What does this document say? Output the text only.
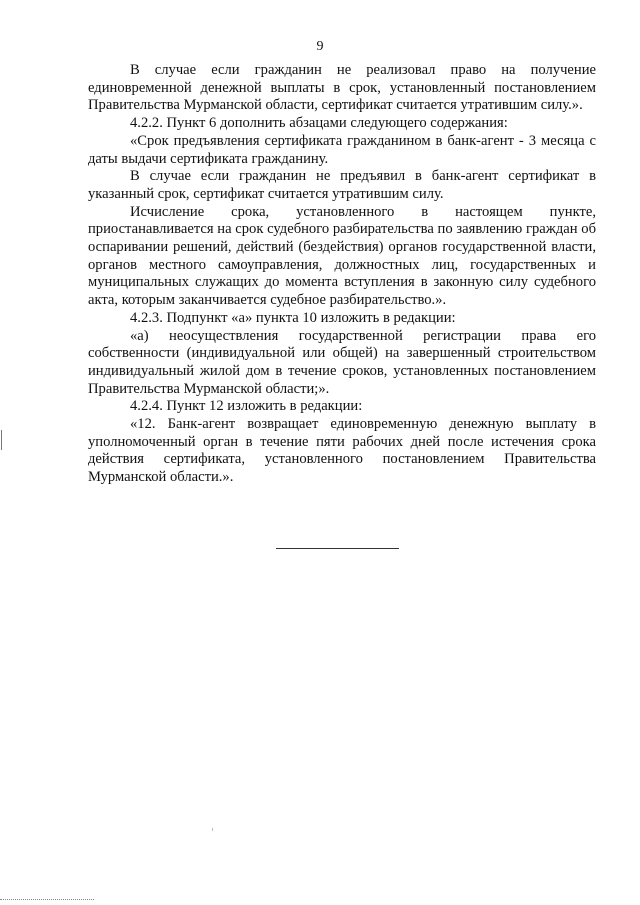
9

В случае если гражданин не реализовал право на получение единовременной денежной выплаты в срок, установленный постановлением Правительства Мурманской области, сертификат считается утратившим силу.».

4.2.2. Пункт 6 дополнить абзацами следующего содержания:

«Срок предъявления сертификата гражданином в банк-агент - 3 месяца с даты выдачи сертификата гражданину.

В случае если гражданин не предъявил в банк-агент сертификат в указанный срок, сертификат считается утратившим силу.

Исчисление срока, установленного в настоящем пункте, приостанавливается на срок судебного разбирательства по заявлению граждан об оспаривании решений, действий (бездействия) органов государственной власти, органов местного самоуправления, должностных лиц, государственных и муниципальных служащих до момента вступления в законную силу судебного акта, которым заканчивается судебное разбирательство.».

4.2.3. Подпункт «а» пункта 10 изложить в редакции:

«а) неосуществления государственной регистрации права его собственности (индивидуальной или общей) на завершенный строительством индивидуальный жилой дом в течение сроков, установленных постановлением Правительства Мурманской области;».

4.2.4. Пункт 12 изложить в редакции:

«12. Банк-агент возвращает единовременную денежную выплату в уполномоченный орган в течение пяти рабочих дней после истечения срока действия сертификата, установленного постановлением Правительства Мурманской области.».
